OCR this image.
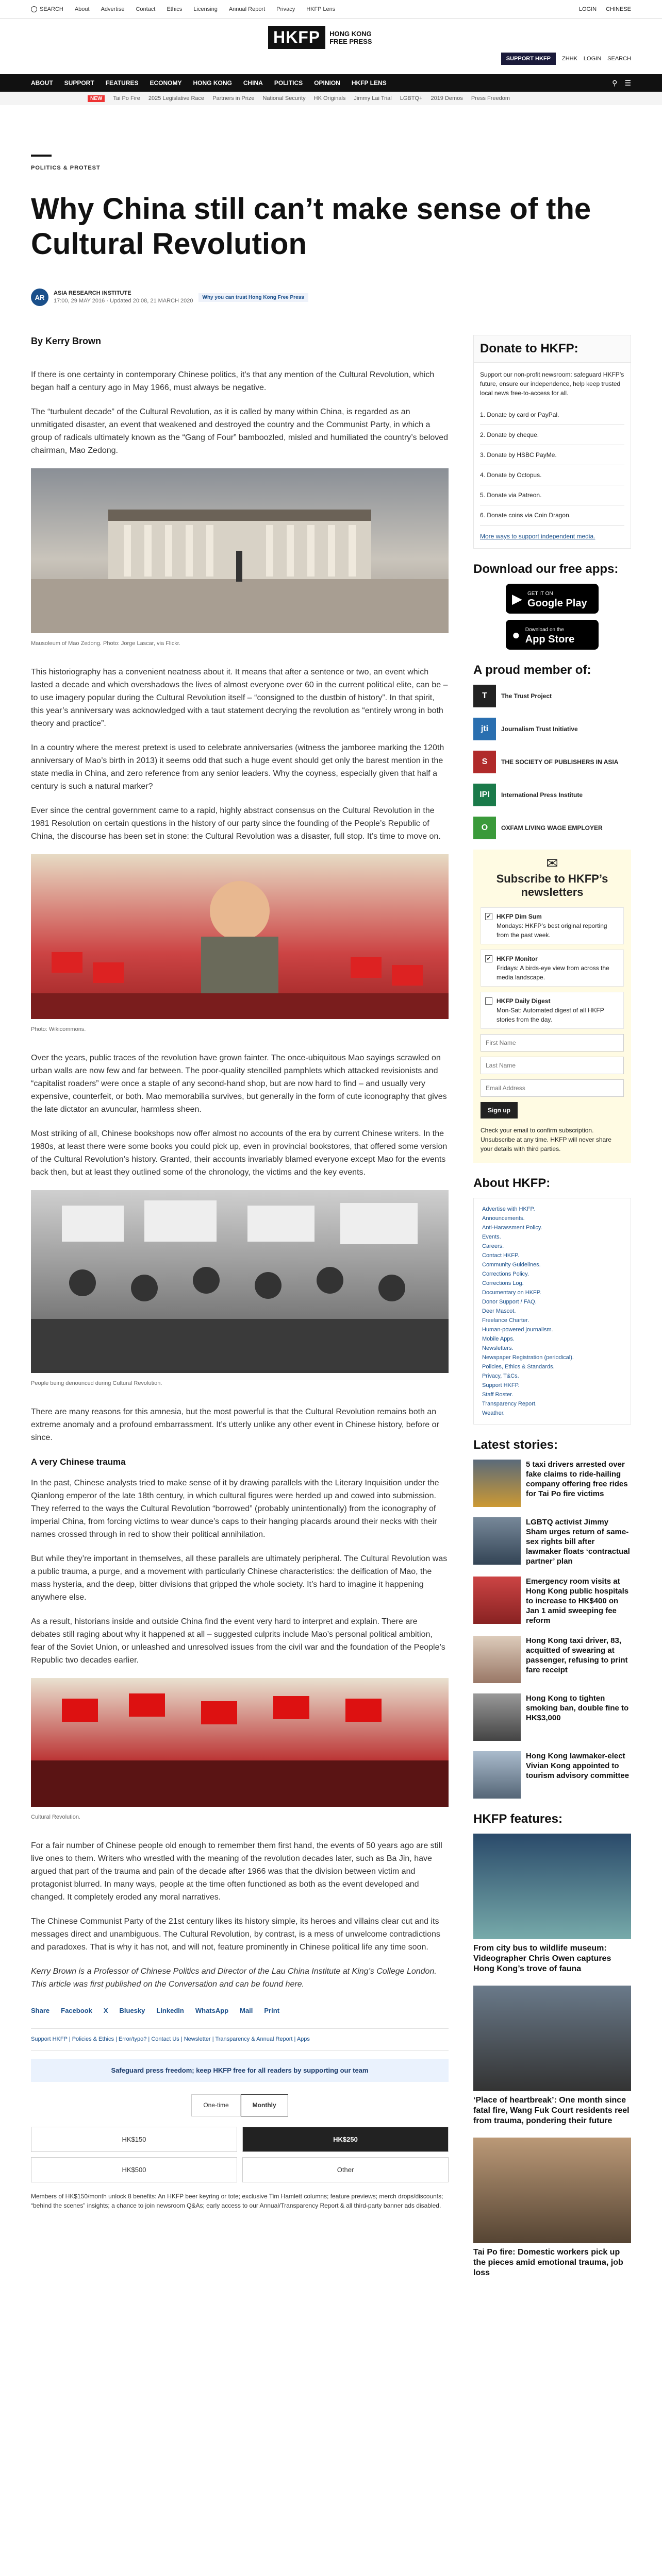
SEARCH About Advertise Contact Ethics Licensing Annual Report Privacy HKFP Lens	LOGIN CHINESE
HKFP	HONG KONG
FREE PRESS
SUPPORT HKFP	ZHHK LOGIN SEARCH
ABOUT SUPPORT FEATURES ECONOMY HONG KONG CHINA POLITICS OPINION HKFP LENS	⚲ ☰
NEW	Tai Po Fire 2025 Legislative Race Partners in Prize National Security HK Originals Jimmy Lai Trial LGBTQ+ 2019 Demos Press Freedom
POLITICS & PROTEST
Why China still can’t make sense of the Cultural Revolution
AR
ASIA RESEARCH INSTITUTE
17:00, 29 MAY 2016 · Updated 20:08, 21 MARCH 2020
Why you can trust Hong Kong Free Press
By Kerry Brown

If there is one certainty in contemporary Chinese politics, it’s that any mention of the Cultural Revolution, which began half a century ago in May 1966, must always be negative.

The “turbulent decade” of the Cultural Revolution, as it is called by many within China, is regarded as an unmitigated disaster, an event that weakened and destroyed the country and the Communist Party, in which a group of radicals ultimately known as the “Gang of Four” bamboozled, misled and humiliated the country’s beloved chairman, Mao Zedong.

Mausoleum of Mao Zedong. Photo: Jorge Lascar, via Flickr.

This historiography has a convenient neatness about it. It means that after a sentence or two, an event which lasted a decade and which overshadows the lives of almost everyone over 60 in the current political elite, can be – to use imagery popular during the Cultural Revolution itself – “consigned to the dustbin of history”. In that spirit, this year’s anniversary was acknowledged with a taut statement decrying the revolution as “entirely wrong in both theory and practice”.

In a country where the merest pretext is used to celebrate anniversaries (witness the jamboree marking the 120th anniversary of Mao’s birth in 2013) it seems odd that such a huge event should get only the barest mention in the state media in China, and zero reference from any senior leaders. Why the coyness, especially given that half a century is such a natural marker?

Ever since the central government came to a rapid, highly abstract consensus on the Cultural Revolution in the 1981 Resolution on certain questions in the history of our party since the founding of the People’s Republic of China, the discourse has been set in stone: the Cultural Revolution was a disaster, full stop. It’s time to move on.

Photo: Wikicommons.

Over the years, public traces of the revolution have grown fainter. The once-ubiquitous Mao sayings scrawled on urban walls are now few and far between. The poor-quality stencilled pamphlets which attacked revisionists and “capitalist roaders” were once a staple of any second-hand shop, but are now hard to find – and usually very expensive, counterfeit, or both. Mao memorabilia survives, but generally in the form of cute iconography that gives the late dictator an avuncular, harmless sheen.

Most striking of all, Chinese bookshops now offer almost no accounts of the era by current Chinese writers. In the 1980s, at least there were some books you could pick up, even in provincial bookstores, that offered some version of the Cultural Revolution’s history. Granted, their accounts invariably blamed everyone except Mao for the events back then, but at least they outlined some of the chronology, the victims and the key events.

People being denounced during Cultural Revolution.

There are many reasons for this amnesia, but the most powerful is that the Cultural Revolution remains both an extreme anomaly and a profound embarrassment. It’s utterly unlike any other event in Chinese history, before or since.

A very Chinese trauma

In the past, Chinese analysts tried to make sense of it by drawing parallels with the Literary Inquisition under the Qianlong emperor of the late 18th century, in which cultural figures were herded up and cowed into submission. They referred to the ways the Cultural Revolution “borrowed” (probably unintentionally) from the iconography of imperial China, from forcing victims to wear dunce’s caps to their hanging placards around their necks with their names crossed through in red to show their political annihilation.

But while they’re important in themselves, all these parallels are ultimately peripheral. The Cultural Revolution was a public trauma, a purge, and a movement with particularly Chinese characteristics: the deification of Mao, the mass hysteria, and the deep, bitter divisions that gripped the whole society. It’s hard to imagine it happening anywhere else.

As a result, historians inside and outside China find the event very hard to interpret and explain. There are debates still raging about why it happened at all – suggested culprits include Mao’s personal political ambition, fear of the Soviet Union, or unleashed and unresolved issues from the civil war and the foundation of the People’s Republic two decades earlier.

Cultural Revolution.

For a fair number of Chinese people old enough to remember them first hand, the events of 50 years ago are still live ones to them. Writers who wrestled with the meaning of the revolution decades later, such as Ba Jin, have argued that part of the trauma and pain of the decade after 1966 was that the division between victim and protagonist blurred. In many ways, people at the time often functioned as both as the event developed and changed. It completely eroded any moral narratives.

The Chinese Communist Party of the 21st century likes its history simple, its heroes and villains clear cut and its messages direct and unambiguous. The Cultural Revolution, by contrast, is a mess of unwelcome contradictions and paradoxes. That is why it has not, and will not, feature prominently in Chinese political life any time soon.

Kerry Brown is a Professor of Chinese Politics and Director of the Lau China Institute at King’s College London. This article was first published on the Conversation and can be found here.

Share Facebook X Bluesky LinkedIn WhatsApp Mail Print
Support HKFP | Policies & Ethics | Error/typo? | Contact Us | Newsletter | Transparency & Annual Report | Apps
Safeguard press freedom; keep HKFP free for all readers by supporting our team
One-time	Monthly
HK$150	HK$250
HK$500	Other
Members of HK$150/month unlock 8 benefits: An HKFP beer keyring or tote; exclusive Tim Hamlett columns; feature previews; merch drops/discounts; “behind the scenes” insights; a chance to join newsroom Q&As; early access to our Annual/Transparency Report & all third-party banner ads disabled.
Donate to HKFP:
Support our non-profit newsroom: safeguard HKFP’s future, ensure our independence, help keep trusted local news free-to-access for all.
1. Donate by card or PayPal.
2. Donate by cheque.
3. Donate by HSBC PayMe.
4. Donate by Octopus.
5. Donate via Patreon.
6. Donate coins via Coin Dragon.
More ways to support independent media.
Download our free apps:
▶ GET IT ON
Google Play
● Download on the
App Store
A proud member of:
T	The Trust Project
jti	Journalism Trust Initiative
S	THE SOCIETY OF PUBLISHERS IN ASIA
IPI	International Press Institute
O	OXFAM LIVING WAGE EMPLOYER
✉
Subscribe to HKFP’s newsletters
✓ HKFP Dim Sum
Mondays: HKFP’s best original reporting from the past week.
✓ HKFP Monitor
Fridays: A birds-eye view from across the media landscape.
HKFP Daily Digest
Mon-Sat: Automated digest of all HKFP stories from the day.
First Name
Last Name
Email Address Sign up
Check your email to confirm subscription. Unsubscribe at any time. HKFP will never share your details with third parties.
About HKFP:
Advertise with HKFP.
Announcements.
Anti-Harassment Policy.
Events.
Careers.
Contact HKFP.
Community Guidelines.
Corrections Policy.
Corrections Log.
Documentary on HKFP.
Donor Support / FAQ.
Deer Mascot.
Freelance Charter.
Human-powered journalism.
Mobile Apps.
Newsletters.
Newspaper Registration (periodical).
Policies, Ethics & Standards.
Privacy, T&Cs.
Support HKFP.
Staff Roster.
Transparency Report.
Weather.
Latest stories:
5 taxi drivers arrested over fake claims to ride-hailing company offering free rides for Tai Po fire victims
LGBTQ activist Jimmy Sham urges return of same-sex rights bill after lawmaker floats ‘contractual partner’ plan
Emergency room visits at Hong Kong public hospitals to increase to HK$400 on Jan 1 amid sweeping fee reform
Hong Kong taxi driver, 83, acquitted of swearing at passenger, refusing to print fare receipt
Hong Kong to tighten smoking ban, double fine to HK$3,000
Hong Kong lawmaker-elect Vivian Kong appointed to tourism advisory committee
HKFP features:
From city bus to wildlife museum: Videographer Chris Owen captures Hong Kong’s trove of fauna
‘Place of heartbreak’: One month since fatal fire, Wang Fuk Court residents reel from trauma, pondering their future
Tai Po fire: Domestic workers pick up the pieces amid emotional trauma, job loss
